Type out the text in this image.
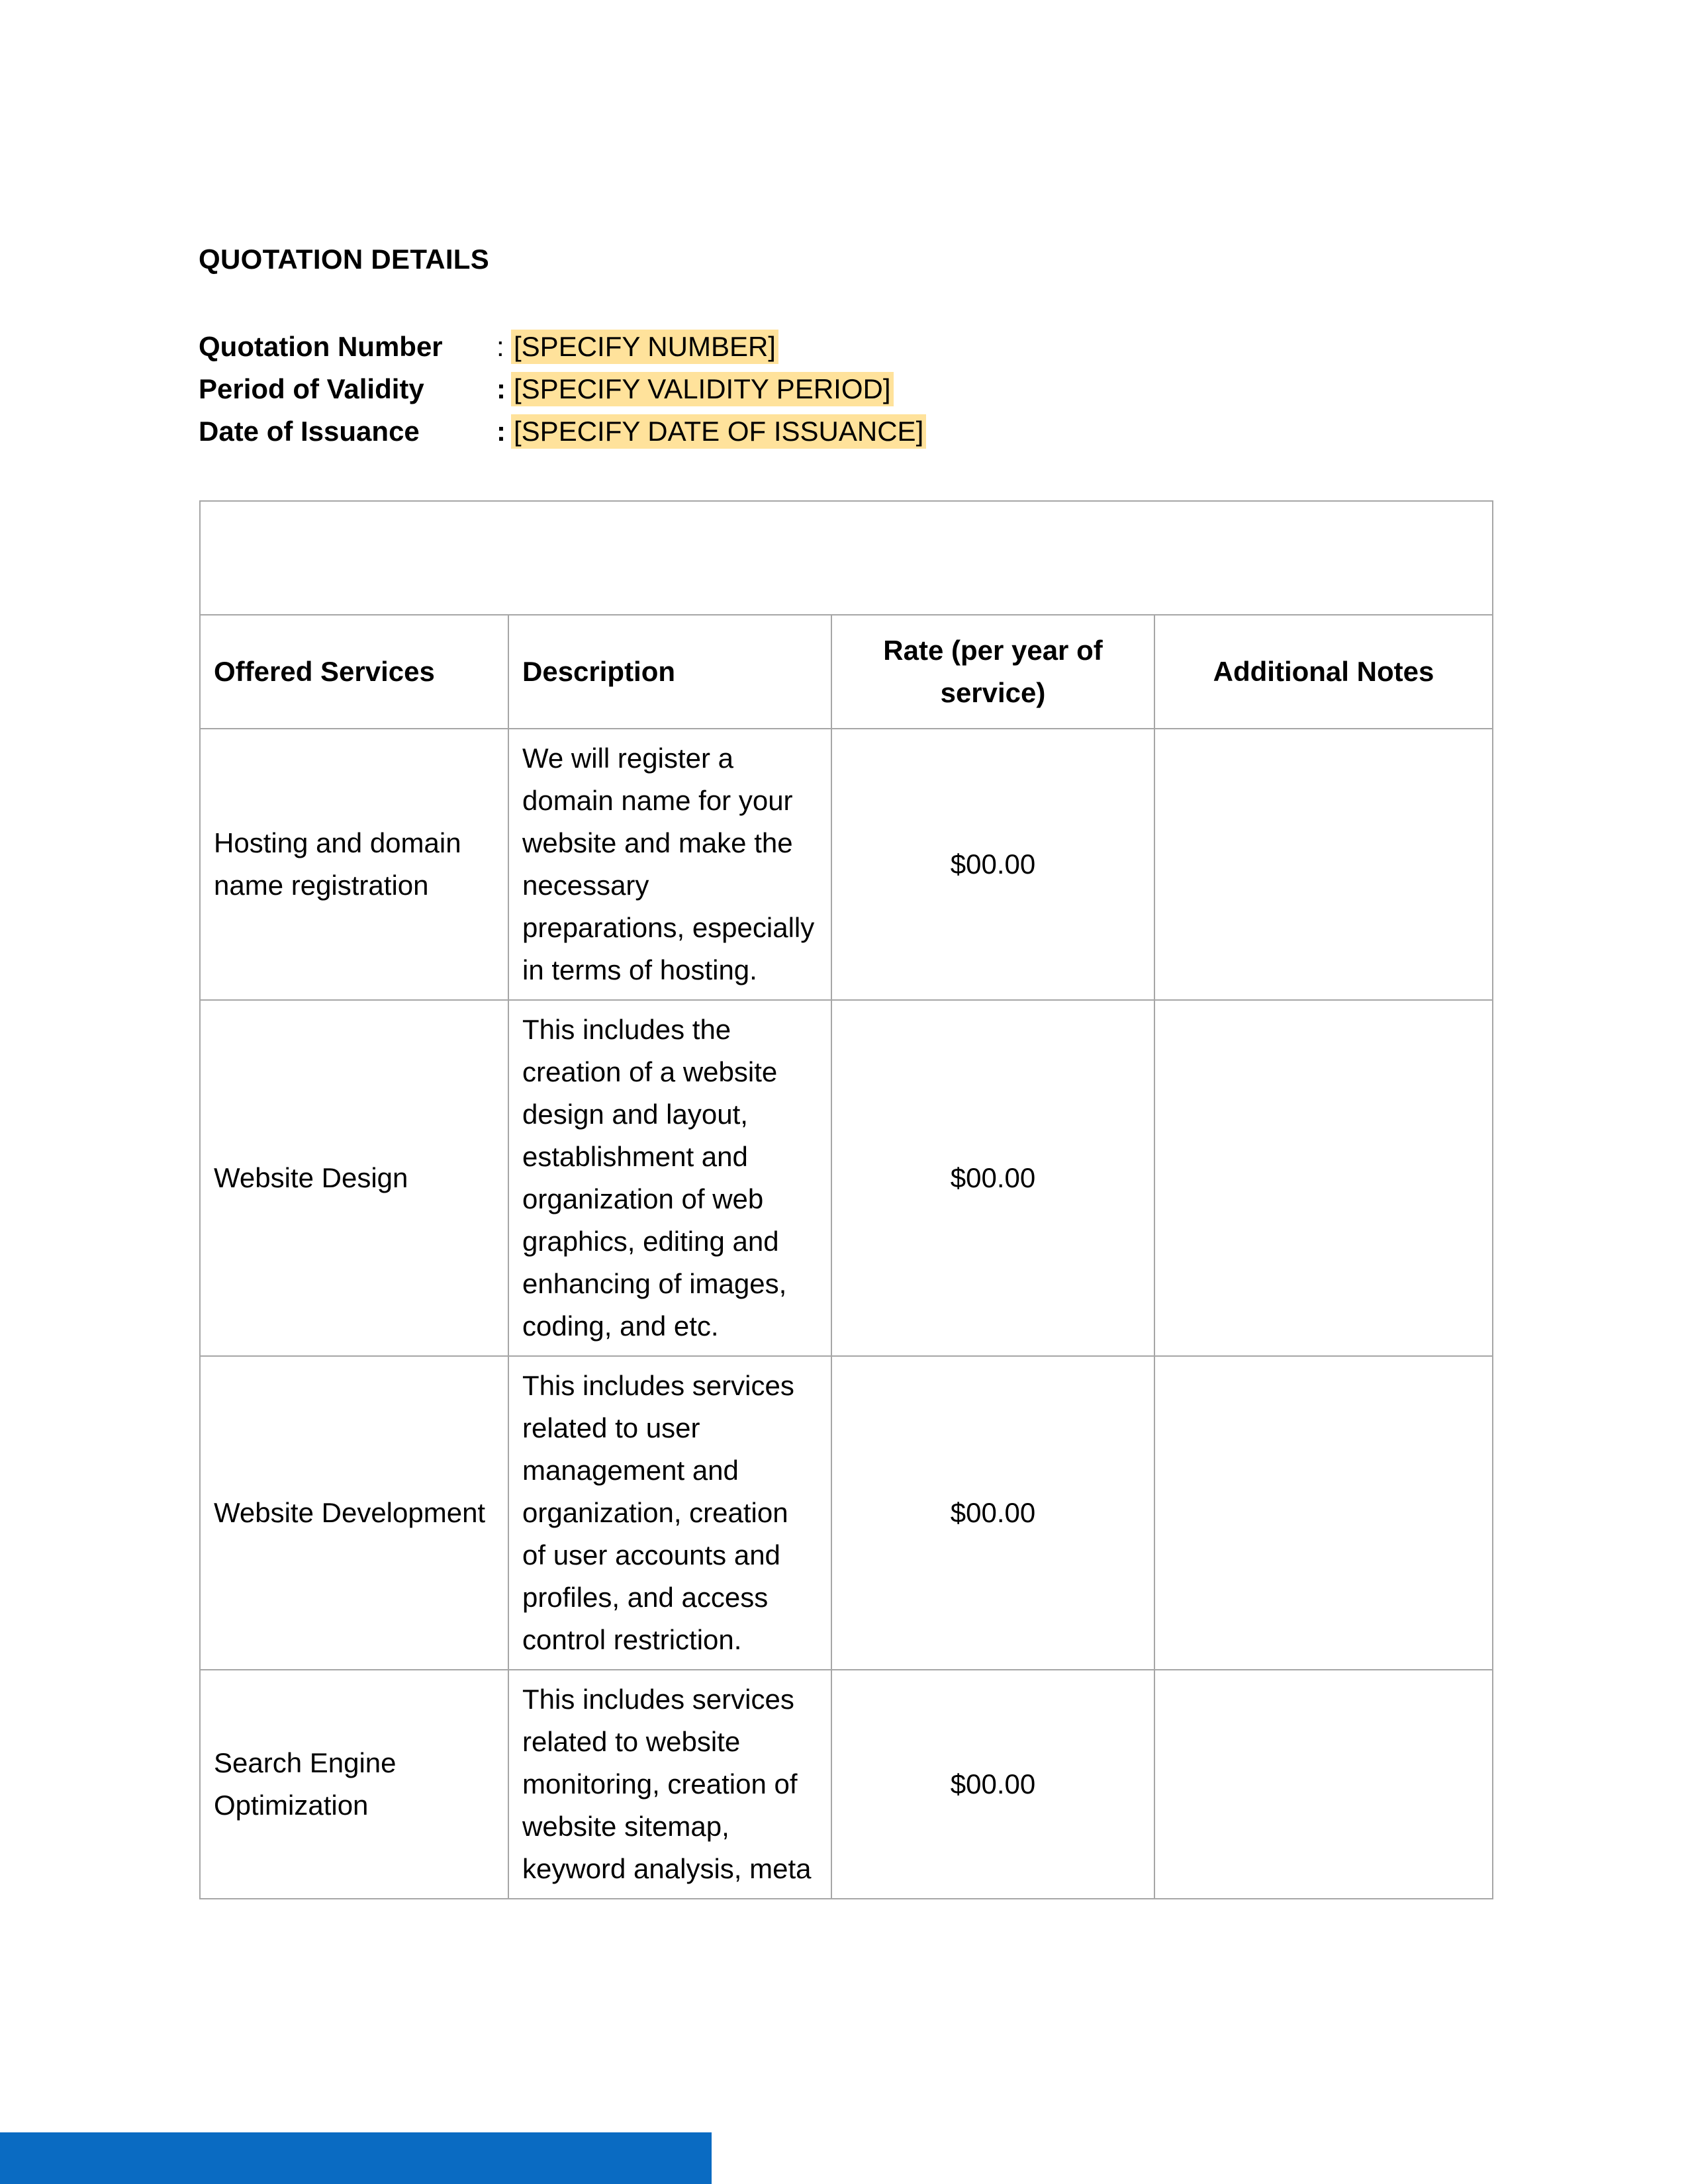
QUOTATION DETAILS
Quotation Number	: [SPECIFY NUMBER]
Period of Validity	: [SPECIFY VALIDITY PERIOD]
Date of Issuance	: [SPECIFY DATE OF ISSUANCE]

Offered Services	Description	Rate (per year of service)	Additional Notes
Hosting and domain name registration	We will register a domain name for your website and make the necessary preparations, especially in terms of hosting.	$00.00	
Website Design	This includes the creation of a website design and layout, establishment and organization of web graphics, editing and enhancing of images, coding, and etc.	$00.00	
Website Development	This includes services related to user management and organization, creation of user accounts and profiles, and access control restriction.	$00.00	
Search Engine Optimization	This includes services related to website monitoring, creation of website sitemap, keyword analysis, meta	$00.00	
